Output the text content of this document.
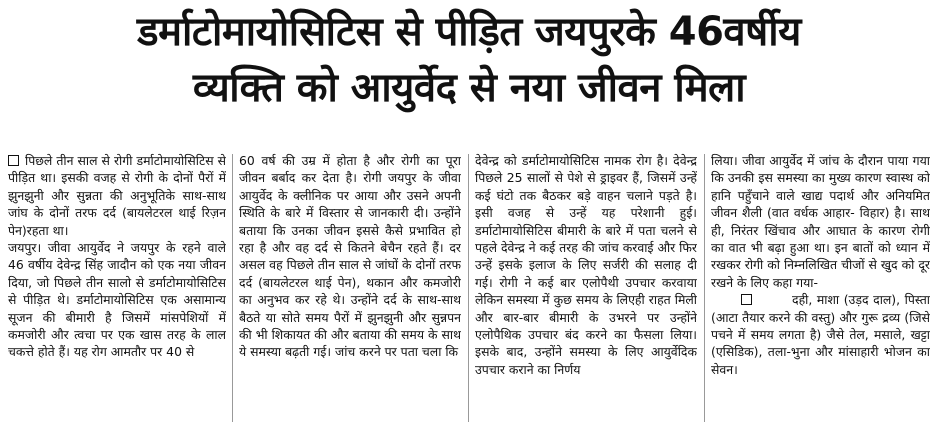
डर्माटोमायोसिटिस से पीड़ित जयपुरके 46वर्षीय
व्यक्ति को आयुर्वेद से नया जीवन मिला

पिछले तीन साल से रोगी डर्माटोमायोसिटिस से पीड़ित था। इसकी वजह से रोगी के दोनों पैरों में झुनझुनी और सुन्नता की अनुभूतिके साथ-साथ जांघ के दोनों तरफ दर्द (बायलेटरल थाई रिज़न पेन)रहता था।

जयपुर। जीवा आयुर्वेद ने जयपुर के रहने वाले 46 वर्षीय देवेन्द्र सिंह जादौन को एक नया जीवन दिया, जो पिछले तीन सालो से डर्माटोमायोसिटिस से पीड़ित थे। डर्माटोमायोसिटिस एक असामान्य सूजन की बीमारी है जिसमें मांसपेशियों में कमजोरी और त्वचा पर एक खास तरह के लाल चकत्ते होते हैं। यह रोग आमतौर पर 40 से

60 वर्ष की उम्र में होता है और रोगी का पूरा जीवन बर्बाद कर देता है। रोगी जयपुर के जीवा आयुर्वेद के क्लीनिक पर आया और उसने अपनी स्थिति के बारे में विस्तार से जानकारी दी। उन्होंने बताया कि उनका जीवन इससे कैसे प्रभावित हो रहा है और वह दर्द से कितने बेचैन रहते हैं। दर असल वह पिछले तीन साल से जांघों के दोनों तरफ दर्द (बायलेटरल थाई पेन), थकान और कमजोरी का अनुभव कर रहे थे। उन्होंने दर्द के साथ-साथ बैठते या सोते समय पैरों में झुनझुनी और सुन्नपन की भी शिकायत की और बताया की समय के साथ ये समस्या बढ़ती गई। जांच करने पर पता चला कि

देवेन्द्र को डर्माटोमायोसिटिस नामक रोग है। देवेन्द्र पिछले 25 सालों से पेशे से ड्राइवर हैं, जिसमें उन्हें कई घंटो तक बैठकर बड़े वाहन चलाने पड़ते है। इसी वजह से उन्हें यह परेशानी हुई। डर्माटोमायोसिटिस बीमारी के बारे में पता चलने से पहले देवेन्द्र ने कई तरह की जांच करवाई और फिर उन्हें इसके इलाज के लिए सर्जरी की सलाह दी गई। रोगी ने कई बार एलोपैथी उपचार करवाया लेकिन समस्या में कुछ समय के लिएही राहत मिली और बार-बार बीमारी के उभरने पर उन्होंने एलोपैथिक उपचार बंद करने का फैसला लिया। इसके बाद, उन्होंने समस्या के लिए आयुर्वेदिक उपचार कराने का निर्णय

लिया। जीवा आयुर्वेद में जांच के दौरान पाया गया कि उनकी इस समस्या का मुख्य कारण स्वास्थ को हानि पहुँचाने वाले खाद्य पदार्थ और अनियमित जीवन शैली (वात वर्धक आहार- विहार) है। साथ ही, निरंतर खिंचाव और आघात के कारण रोगी का वात भी बढ़ा हुआ था। इन बातों को ध्यान में रखकर रोगी को निम्नलिखित चीजों से खुद को दूर रखने के लिए कहा गया-

दही, माशा (उड़द दाल), पिस्ता (आटा तैयार करने की वस्तु) और गुरू द्रव्य (जिसे पचने में समय लगता है) जैसे तेल, मसाले, खट्टा (एसिडिक), तला-भुना और मांसाहारी भोजन का सेवन।
